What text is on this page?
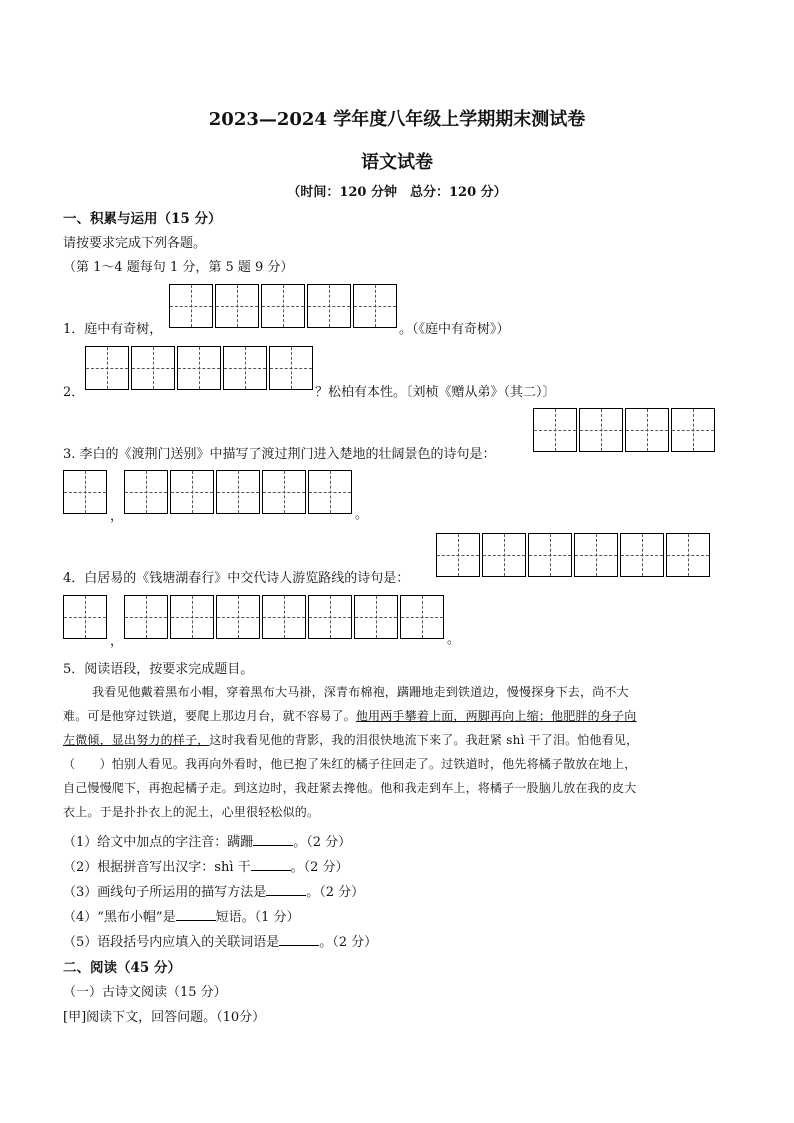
2023—2024 学年度八年级上学期期末测试卷
语文试卷
（时间：120 分钟　总分：120 分）
一、积累与运用（15 分）
请按要求完成下列各题。
（第 1～4 题每句 1 分，第 5 题 9 分）
1．庭中有奇树，	。（《庭中有奇树》）
2．	？松柏有本性。〔刘桢《赠从弟》（其二）〕
3. 李白的《渡荆门送别》中描写了渡过荆门进入楚地的壮阔景色的诗句是：
，	。
4．白居易的《钱塘湖春行》中交代诗人游览路线的诗句是：
，	。
5．阅读语段，按要求完成题目。
我看见他戴着黑布小帽，穿着黑布大马褂，深青布棉袍，蹒跚地走到铁道边，慢慢探身下去，尚不大
难。可是他穿过铁道，要爬上那边月台，就不容易了。他用两手攀着上面，两脚再向上缩；他肥胖的身子向
左微倾，显出努力的样子，这时我看见他的背影，我的泪很快地流下来了。我赶紧 shì 干了泪。怕他看见，
（　　）怕别人看见。我再向外看时，他已抱了朱红的橘子往回走了。过铁道时，他先将橘子散放在地上，
自己慢慢爬下，再抱起橘子走。到这边时，我赶紧去搀他。他和我走到车上，将橘子一股脑儿放在我的皮大
衣上。于是扑扑衣上的泥土，心里很轻松似的。
（1）给文中加点的字注音：蹒跚	。（2 分）
（2）根据拼音写出汉字：shì 干	。（2 分）
（3）画线句子所运用的描写方法是	。（2 分）
（4）“黑布小帽”是	短语。（1 分）
（5）语段括号内应填入的关联词语是	。（2 分）
二、阅读（45 分）
（一）古诗文阅读（15 分）
[甲]阅读下文，回答问题。（10分）
